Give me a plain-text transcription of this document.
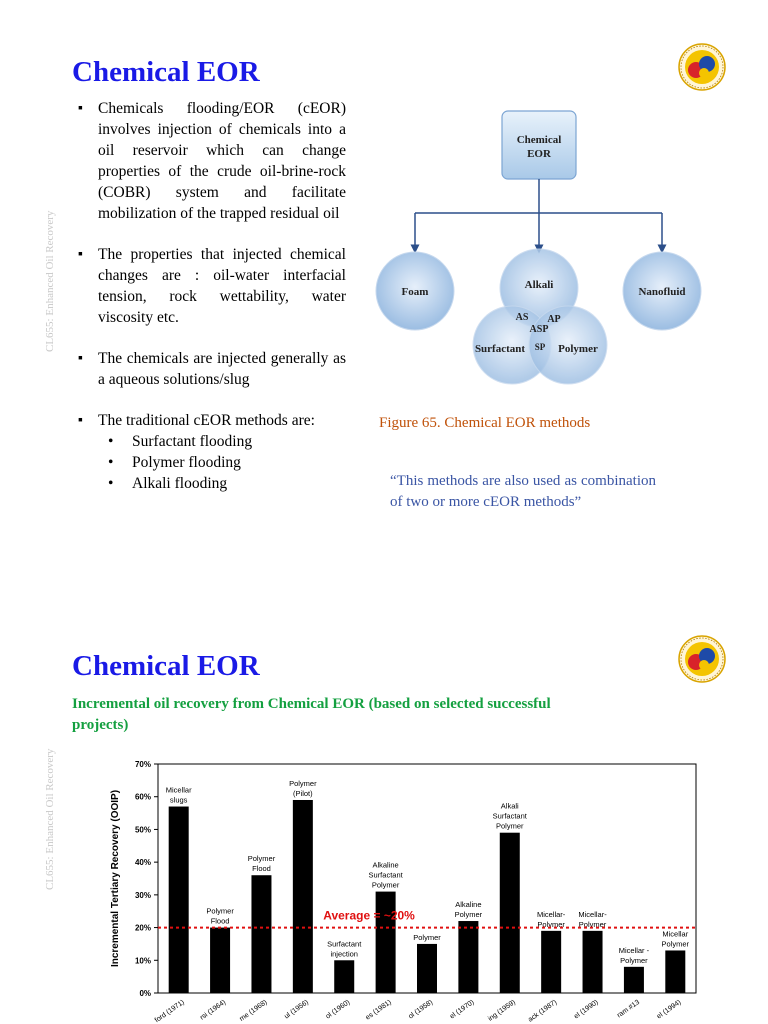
Chemical EOR
CL655: Enhanced Oil Recovery
▪ Chemicals flooding/EOR (cEOR) involves injection of chemicals into a oil reservoir which can change properties of the crude oil-brine-rock (COBR) system and facilitate mobilization of the trapped residual oil
▪ The properties that injected chemical changes are : oil-water interfacial tension, rock wettability, water viscosity etc.
▪ The chemicals are injected generally as a aqueous solutions/slug
▪ The traditional cEOR methods are:
• Surfactant flooding
• Polymer flooding
• Alkali flooding
Chemical
EOR
Foam	Nanofluid
Alkali
Surfactant	Polymer
AS AP
ASP
SP
Figure 65. Chemical EOR methods
“This methods are also used as combination of two or more cEOR methods”
Chemical EOR
CL655: Enhanced Oil Recovery
Incremental oil recovery from Chemical EOR (based on selected successful projects)
0%
10%
20%
30%
40%
50%
60%
70%
Incremental Tertiary Recovery (OOIP)	Micellar
slugs
ford (1971)
Polymer
Flood
rsi (1964)
Polymer
Flood
me (1968)
Polymer
(Pilot)
ul (1956)
Surfactant
injection
ol (1960)
Alkaline
Surfactant
Polymer
es (1981)
Polymer
ol (1958)
Alkaline
Polymer
el (1970)
Alkali
Surfactant
Polymer
ing (1959)
Micellar-
Polymer
ack (1987)
Micellar-
Polymer
el (1990)
Micellar -
Polymer
ram #13
Micellar
Polymer
el (1994)
Average = ~20%
